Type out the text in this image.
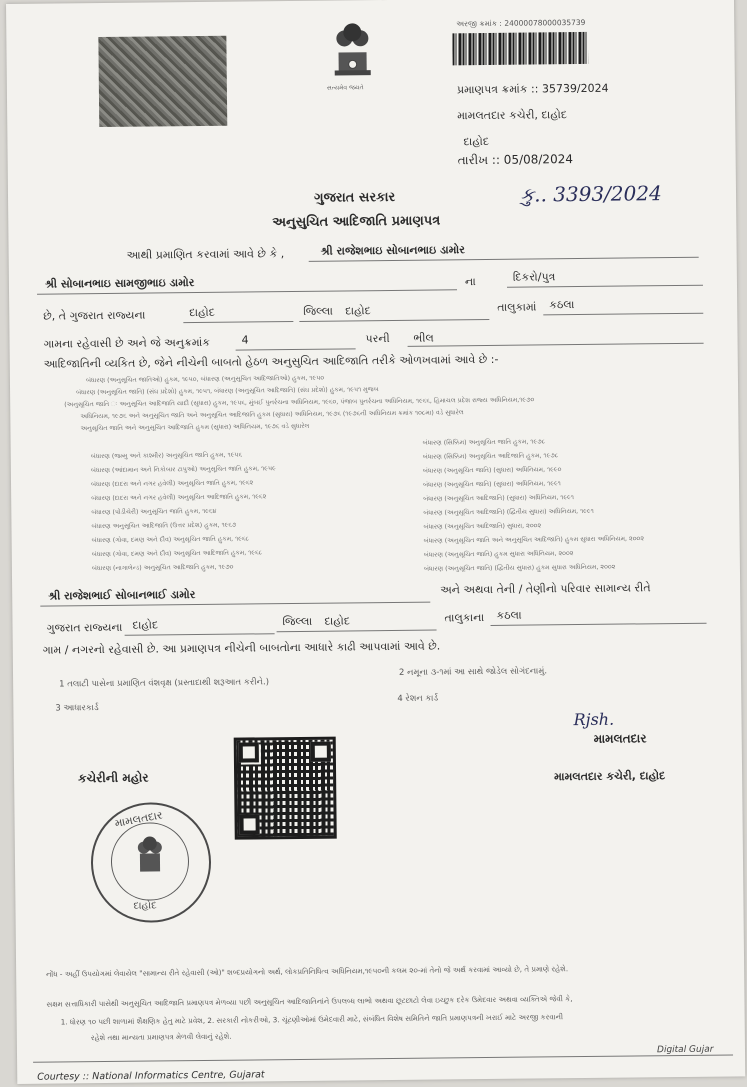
સત્યમેવ જયતે
અરજી ક્રમાંક : 24000078000035739
પ્રમાણપત્ર ક્રમાંક :: 35739/2024
મામલતદાર કચેરી, દાહોદ
દાહોદ
તારીખ :: 05/08/2024
કુ.. 3393/2024
ગુજરાત સરકાર
અનુસુચિત આદિજાતિ પ્રમાણપત્ર
આથી પ્રમાણિત કરવામાં આવે છે કે ,	શ્રી રાજેશભાઇ સોબાનભાઇ ડામોર
શ્રી સોબાનભાઇ સામજીભાઇ ડામોર	ના	દિકરો/પુત્ર
છે, તે ગુજરાત રાજ્યના	દાહોદ	જિલ્લા દાહોદ	તાલુકામાં કઠલા
ગામના રહેવાસી છે અને જે અનુક્રમાંક	4	પરની ભીલ
આદિજાતિની વ્યકિત છે, જેને નીચેની બાબતો હેઠળ અનુસુચિત આદિજાતિ તરીકે ઓળખવામાં આવે છે :-
બંધારણ (અનુસૂચિત જાતિઓ) હુકમ, ૧૯૫૦, બંધારણ (અનુસૂચિત આદિજાતિઓ) હુકમ, ૧૯૫૦
બંધારણ (અનુસૂચિત જાતિ) (સંઘ પ્રદેશો) હુકમ, ૧૯૫૧, બંધારણ (અનુસૂચિત આદિજાતિ) (સંઘ પ્રદેશો) હુકમ, ૧૯૫૧ મુજબ
(અનુસૂચિત જાતિ ઃ અનુસૂચિત આદિજાતિ યાદી (સુધારા) હુકમ, ૧૯૫૬, મુંબઈ પુનર્રચના અધિનિયમ, ૧૯૬૦, પંજાબ પુનર્રચના અધિનિયમ, ૧૯૬૬, હિમાચલ પ્રદેશ રાજ્ય અધિનિયમ,૧૯૭૦
અધિનિયમ, ૧૯૭૬ અને અનુસૂચિત જાતિ અને અનુસૂચિત આદિજાતિ હુકમ (સુધારા) અધિનિયમ, ૧૯૭૬ (૧૯૭૬ની અધિનિયમ ક્રમાંક ૧૦૮મા) વડે સુધારેલ
અનુસૂચિત જાતિ અને અનુસૂચિત આદિજાતિ હુકમ (સુધારા) અધિનિયમ, ૧૯૭૬ વડે સુધારેલ
બંધારણ (જમ્મુ અને કાશ્મીર) અનુસૂચિત જાતિ હુકમ, ૧૯૫૬
બંધારણ (આંદામાન અને નિકોબાર ટાપુઓ) અનુસૂચિત જાતિ હુકમ, ૧૯૫૯
બંધારણ (દાદરા અને નગર હવેલી) અનુસૂચિત જાતિ હુકમ, ૧૯૬૨
બંધારણ (દાદરા અને નગર હવેલી) અનુસૂચિત આદિજાતિ હુકમ, ૧૯૬૨
બંધારણ (પોંડીચેરી) અનુસૂચિત જાતિ હુકમ, ૧૯૬૪
બંધારણ અનુસૂચિત આદિજાતિ (ઉત્તર પ્રદેશ) હુકમ, ૧૯૬૭
બંધારણ (ગોવા, દમણ અને દીવ) અનુસૂચિત જાતિ હુકમ, ૧૯૬૮
બંધારણ (ગોવા, દમણ અને દીવ) અનુસૂચિત આદિજાતિ હુકમ, ૧૯૬૮
બંધારણ (નાગાલેન્ડ) અનુસૂચિત આદિજાતિ હુકમ, ૧૯૭૦
બંધારણ (સિક્કિમ) અનુસૂચિત જાતિ હુકમ, ૧૯૭૮
બંધારણ (સિક્કિમ) અનુસૂચિત આદિજાતિ હુકમ, ૧૯૭૮
બંધારણ (અનુસૂચિત જાતિ) (સુધારા) અધિનિયમ, ૧૯૯૦
બંધારણ (અનુસૂચિત જાતિ) (સુધારા) અધિનિયમ, ૧૯૯૧
બંધારણ (અનુસૂચિત આદિજાતિ) (સુધારા) અધિનિયમ, ૧૯૯૧
બંધારણ (અનુસૂચિત આદિજાતિ) (દ્વિતીય સુધારા) અધિનિયમ, ૧૯૯૧
બંધારણ (અનુસૂચિત આદિજાતિ) સુધારા, ૨૦૦૨
બંધારણ (અનુસૂચિત જાતિ અને અનુસૂચિત આદિજાતિ) હુકમ સુધારા અધિનિયમ, ૨૦૦૨
બંધારણ (અનુસૂચિત જાતિ) હુકમ સુધારા અધિનિયમ, ૨૦૦૨
બંધારણ (અનુસૂચિત જાતિ) (દ્વિતીય સુધારા) હુકમ સુધારા અધિનિયમ, ૨૦૦૨
શ્રી રાજેશભાઈ સોબાનભાઈ ડામોર	અને અથવા તેની / તેણીનો પરિવાર સામાન્ય રીતે
ગુજરાત રાજ્યના દાહોદ	જિલ્લા દાહોદ	તાલુકાના કઠલા
ગામ / નગરનો રહેવાસી છે. આ પ્રમાણપત્ર નીચેની બાબતોના આધારે કાઢી આપવામાં આવે છે.
1 તલાટી પાસેના પ્રમાણિત વંશવૃક્ષ (પ્રસ્તાદાથી શરૂઆત કરીને.)
2 નમૂના ૩-૧માં આ સાથે જોડેલ સોગંદનામું.
3 આધારકાર્ડ
4 રેશન કાર્ડ
Rjsh.
મામલતદાર
મામલતદાર કચેરી, દાહોદ
કચેરીની મહોર
મામલતદાર
દાહોદ
નોંધ - અહીં ઉપયોગમાં લેવાયેલ "સામાન્ય રીતે રહેવાસી (ઓ)" શબ્દપ્રયોગનો અર્થ, લોકપ્રતિનિધિત્વ અધિનિયમ,૧૯૫૦ની કલમ ૨૦-માં તેનો જે અર્થ કરવામાં આવ્યો છે, તે પ્રમાણે રહેશે.
સક્ષમ સત્તાધિકારી પાસેથી અનુસૂચિત આદિજાતિ પ્રમાણપત્ર મેળવ્યા પછી અનુસૂચિત આદિજાતિનાંને ઉપલબ્ધ લાભો અથવા છૂટછાટો લેવા ઇચ્છુક દરેક ઉમેદવાર અથવા વ્યક્તિએ જેવી કે,
1. ધોરણ ૧૦ પછી શાળામાં શૈક્ષણિક હેતુ માટે પ્રવેશ, 2. સરકારી નોકરીઓ, 3. ચૂંટણીઓમાં ઉમેદવારી માટે, સંબંધિત વિશેષ સમિતિને જાતિ પ્રમાણપત્રની ખરાઈ માટે અરજી કરવાની
રહેશે તથા માન્યતા પ્રમાણપત્ર મેળવી લેવાનું રહેશે.
Digital Gujar
Courtesy :: National Informatics Centre, Gujarat
